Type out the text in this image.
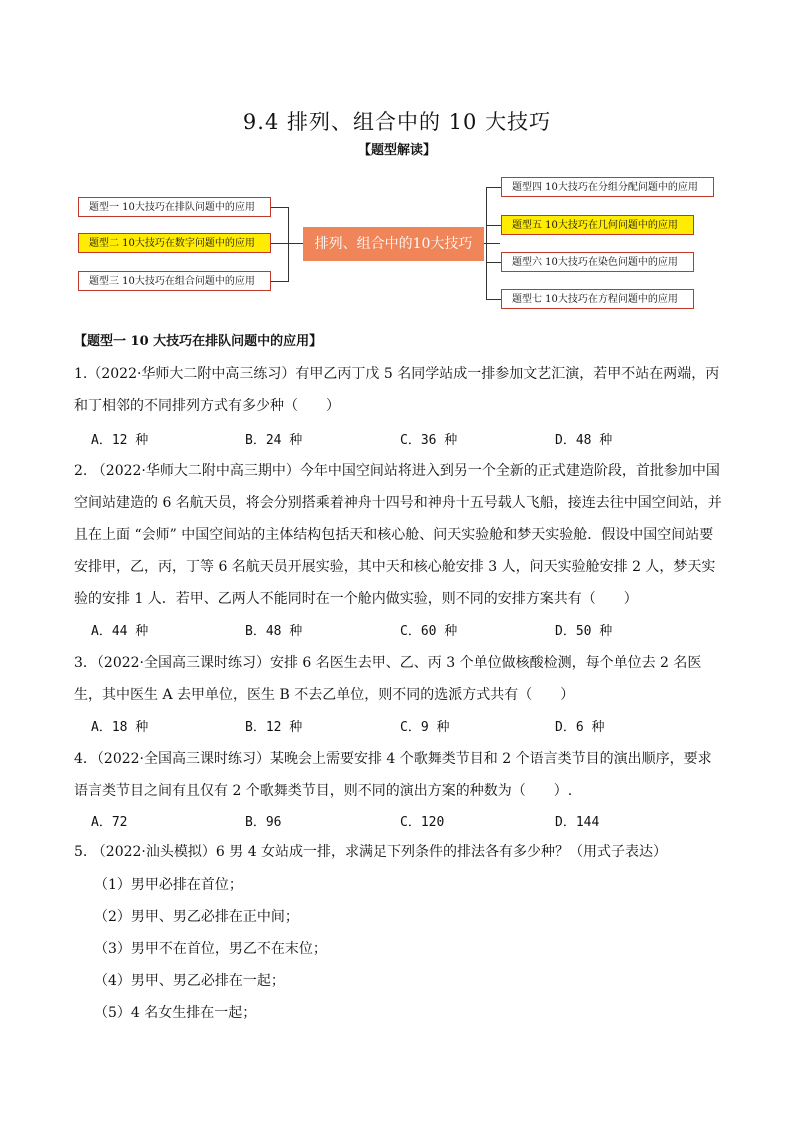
9.4 排列、组合中的 10 大技巧
【题型解读】
题型一 10大技巧在排队问题中的应用
题型二 10大技巧在数字问题中的应用
题型三 10大技巧在组合问题中的应用
排列、组合中的10大技巧
题型四 10大技巧在分组分配问题中的应用
题型五 10大技巧在几何问题中的应用
题型六 10大技巧在染色问题中的应用
题型七 10大技巧在方程问题中的应用
【题型一 10 大技巧在排队问题中的应用】
1.（2022·华师大二附中高三练习）有甲乙丙丁戊 5 名同学站成一排参加文艺汇演，若甲不站在两端，丙和丁相邻的不同排列方式有多少种（　　）
A．12 种	B．24 种	C．36 种	D．48 种
2. （2022·华师大二附中高三期中）今年中国空间站将进入到另一个全新的正式建造阶段，首批参加中国空间站建造的 6 名航天员，将会分别搭乘着神舟十四号和神舟十五号载人飞船，接连去往中国空间站，并且在上面 “会师” 中国空间站的主体结构包括天和核心舱、问天实验舱和梦天实验舱．假设中国空间站要安排甲，乙，丙，丁等 6 名航天员开展实验，其中天和核心舱安排 3 人，问天实验舱安排 2 人，梦天实验的安排 1 人．若甲、乙两人不能同时在一个舱内做实验，则不同的安排方案共有（　　）
A．44 种	B．48 种	C．60 种	D．50 种
3．（2022·全国高三课时练习）安排 6 名医生去甲、乙、丙 3 个单位做核酸检测，每个单位去 2 名医生，其中医生 A 去甲单位，医生 B 不去乙单位，则不同的选派方式共有（　　）
A．18 种	B．12 种	C．9 种	D．6 种
4．（2022·全国高三课时练习）某晚会上需要安排 4 个歌舞类节目和 2 个语言类节目的演出顺序，要求语言类节目之间有且仅有 2 个歌舞类节目，则不同的演出方案的种数为（　　）.
A．72	B．96	C．120	D．144
5. （2022·汕头模拟）6 男 4 女站成一排，求满足下列条件的排法各有多少种？（用式子表达）
（1）男甲必排在首位；
（2）男甲、男乙必排在正中间；
（3）男甲不在首位，男乙不在末位；
（4）男甲、男乙必排在一起；
（5）4 名女生排在一起；
